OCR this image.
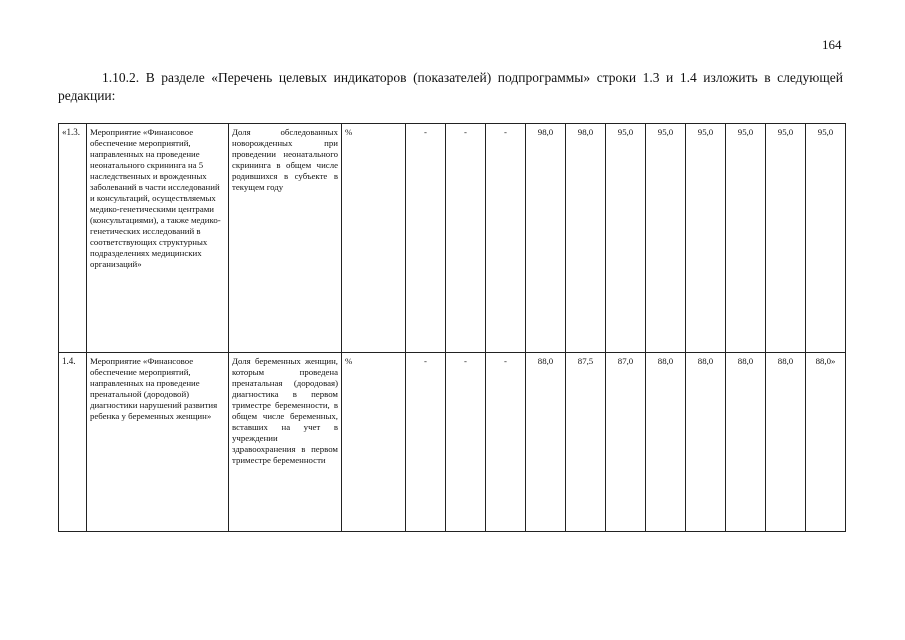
164
1.10.2. В разделе «Перечень целевых индикаторов (показателей) подпрограммы» строки 1.3 и 1.4 изложить в следующей редакции:
«1.3.	Мероприятие «Финансовое обеспечение мероприятий, направленных на проведение неонатального скрининга на 5 наследственных и врожденных заболеваний в части исследований и консультаций, осуществляемых медико-генетическими центрами (консультациями), а также медико-генетических исследований в соответствующих структурных подразделениях медицинских организаций»	Доля обследованных новорожденных при проведении неонатального скрининга в общем числе родившихся в субъекте в текущем году	%	-	-	-	98,0	98,0	95,0	95,0	95,0	95,0	95,0	95,0
1.4.	Мероприятие «Финансовое обеспечение мероприятий, направленных на проведение пренатальной (дородовой) диагностики нарушений развития ребенка у беременных женщин»	Доля беременных женщин, которым проведена пренатальная (дородовая) диагностика в первом триместре беременности, в общем числе беременных, вставших на учет в учреждении здравоохранения в первом триместре беременности	%	-	-	-	88,0	87,5	87,0	88,0	88,0	88,0	88,0	88,0»
